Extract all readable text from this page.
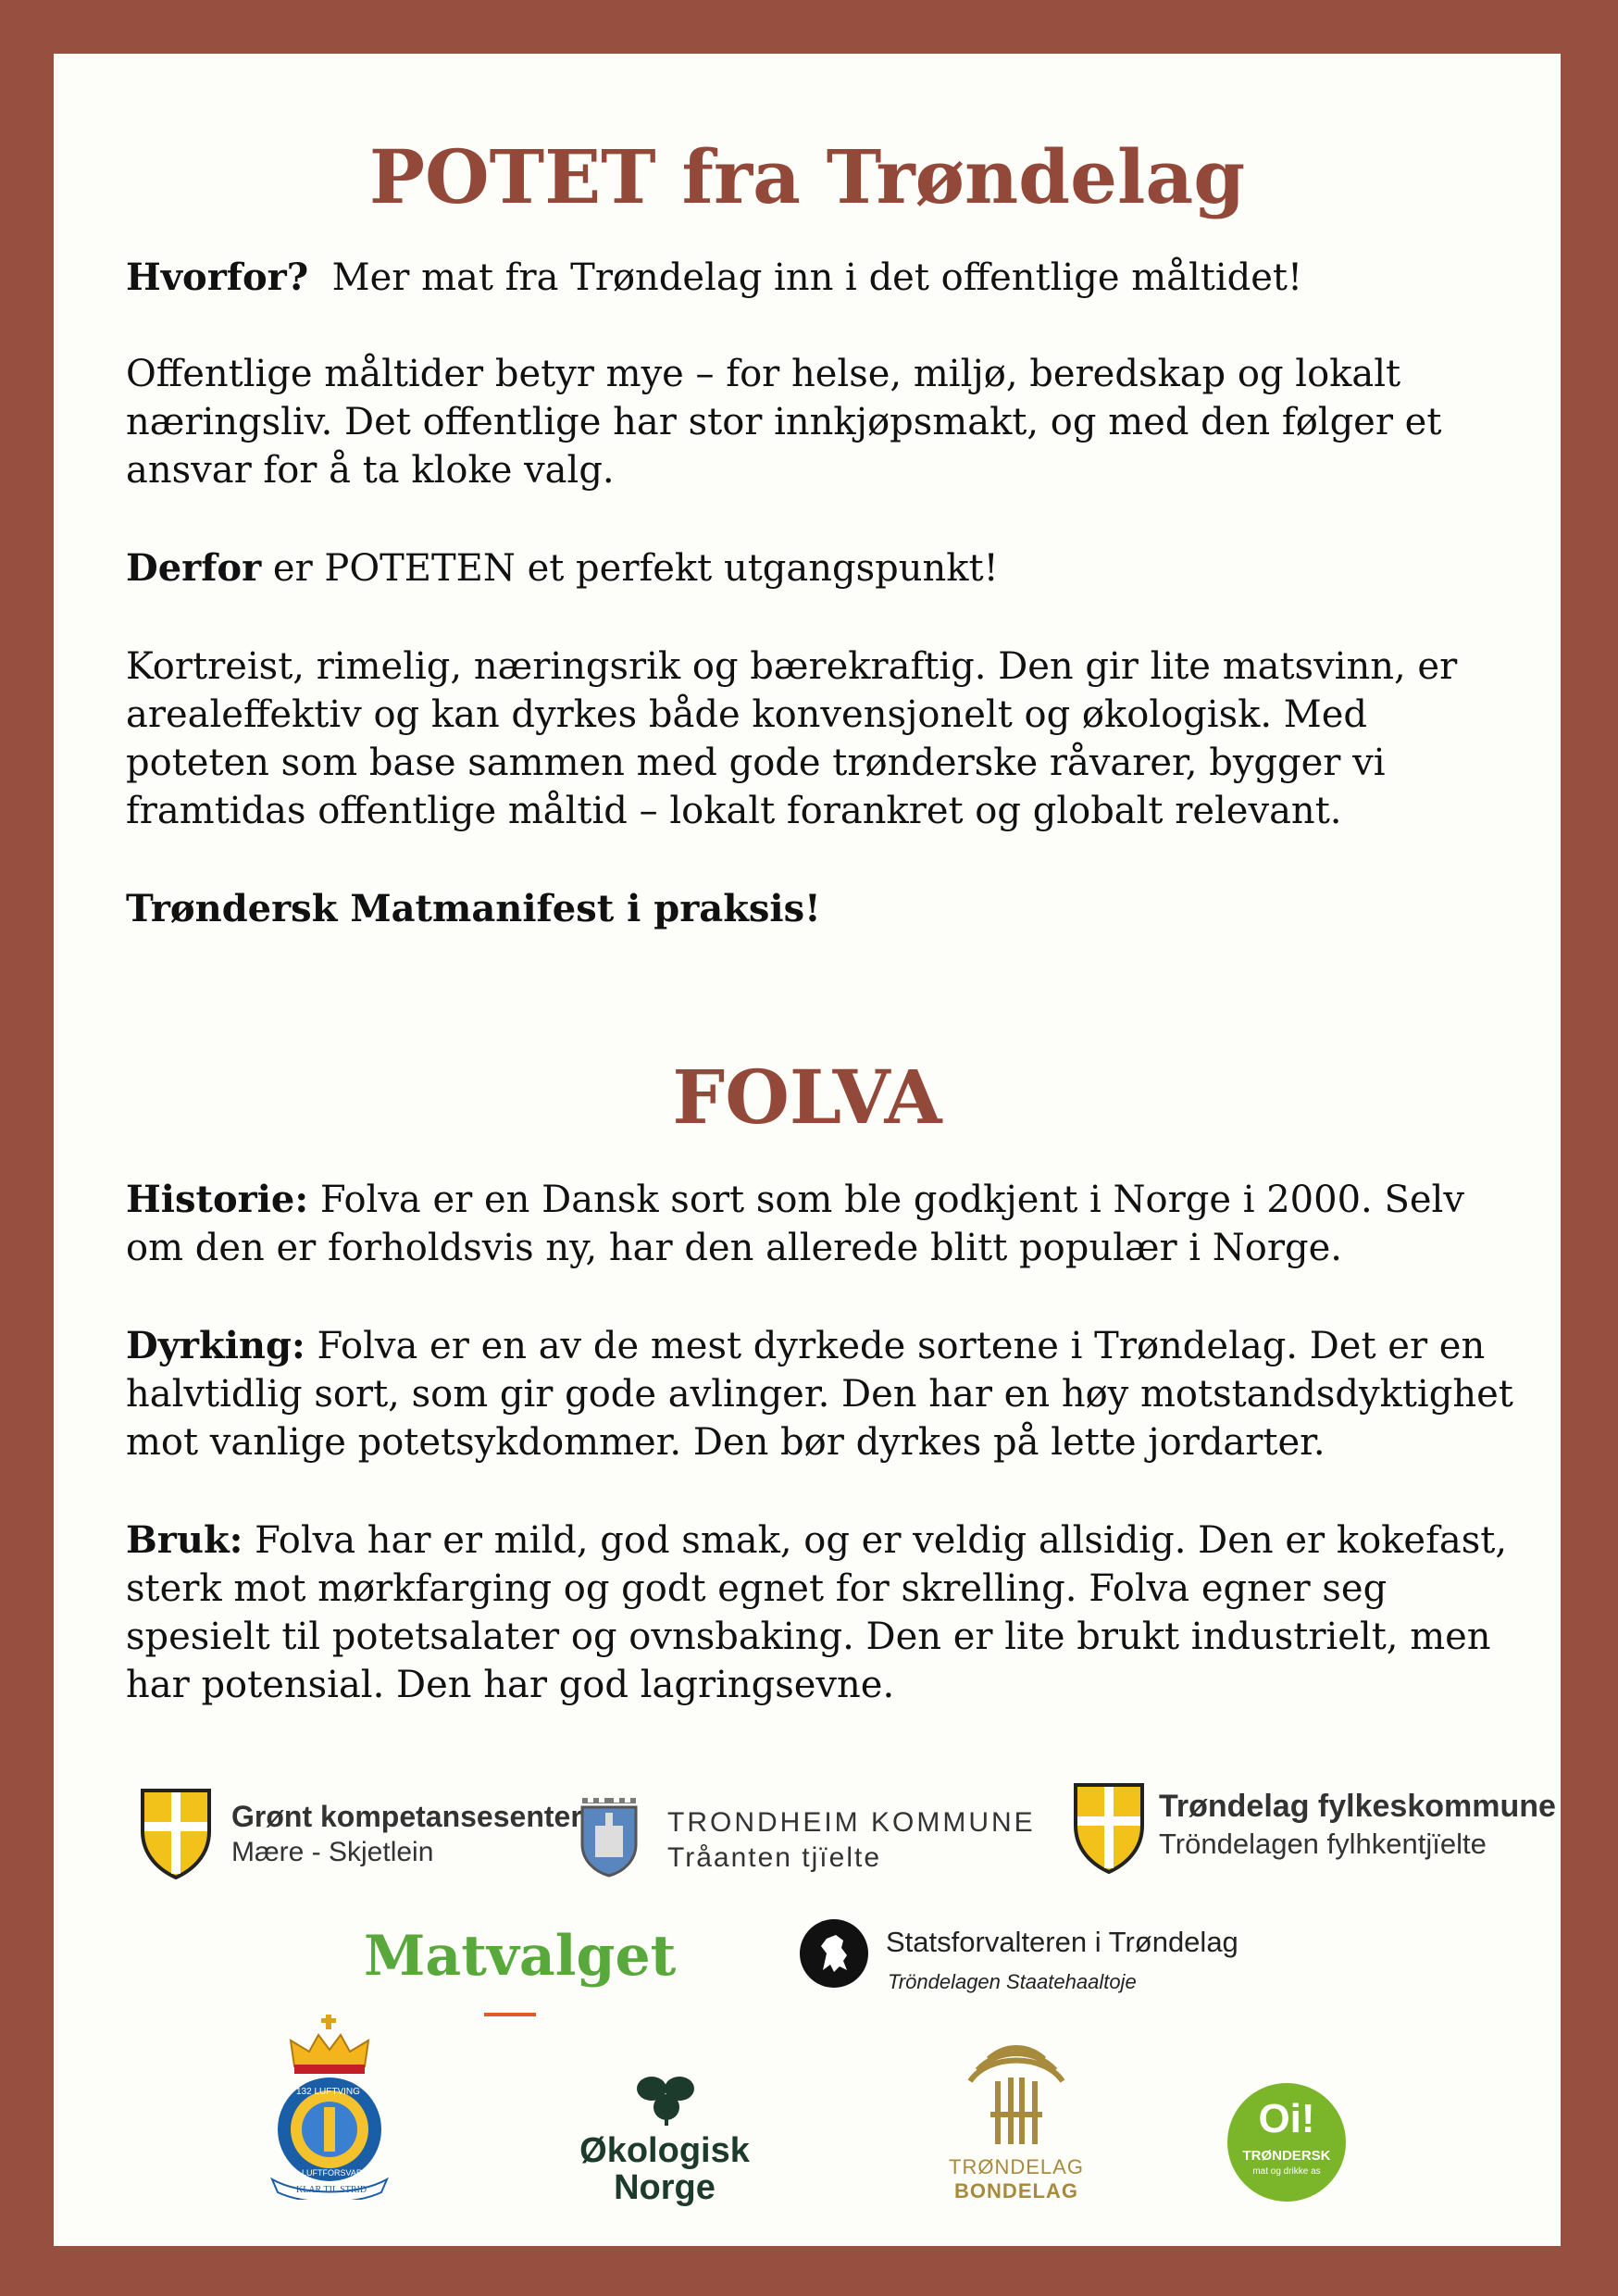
POTET fra Trøndelag

Hvorfor? Mer mat fra Trøndelag inn i det offentlige måltidet!

Offentlige måltider betyr mye – for helse, miljø, beredskap og lokalt næringsliv. Det offentlige har stor innkjøpsmakt, og med den følger et ansvar for å ta kloke valg.

Derfor er POTETEN et perfekt utgangspunkt!

Kortreist, rimelig, næringsrik og bærekraftig. Den gir lite matsvinn, er arealeffektiv og kan dyrkes både konvensjonelt og økologisk. Med poteten som base sammen med gode trønderske råvarer, bygger vi framtidas offentlige måltid – lokalt forankret og globalt relevant.

Trøndersk Matmanifest i praksis!

FOLVA

Historie: Folva er en Dansk sort som ble godkjent i Norge i 2000. Selv om den er forholdsvis ny, har den allerede blitt populær i Norge.

Dyrking: Folva er en av de mest dyrkede sortene i Trøndelag. Det er en halvtidlig sort, som gir gode avlinger. Den har en høy motstandsdyktighet mot vanlige potetsykdommer. Den bør dyrkes på lette jordarter.

Bruk: Folva har er mild, god smak, og er veldig allsidig. Den er kokefast, sterk mot mørkfarging og godt egnet for skrelling. Folva egner seg spesielt til potetsalater og ovnsbaking. Den er lite brukt industrielt, men har potensial. Den har god lagringsevne.

Grønt kompetansesenter
Mære - Skjetlein
TRONDHEIM KOMMUNE
Tråanten tjïelte
Trøndelag fylkeskommune
Tröndelagen fylhkentjïelte
Matvalget	Statsforvalteren i Trøndelag
Tröndelagen Staatehaaltoje
132 LUFTVING
LUFTFORSVARET
KLAR TIL STRID
Økologisk
Norge
TRØNDELAG
BONDELAG
Oi!
TRØNDERSK
mat og drikke as
